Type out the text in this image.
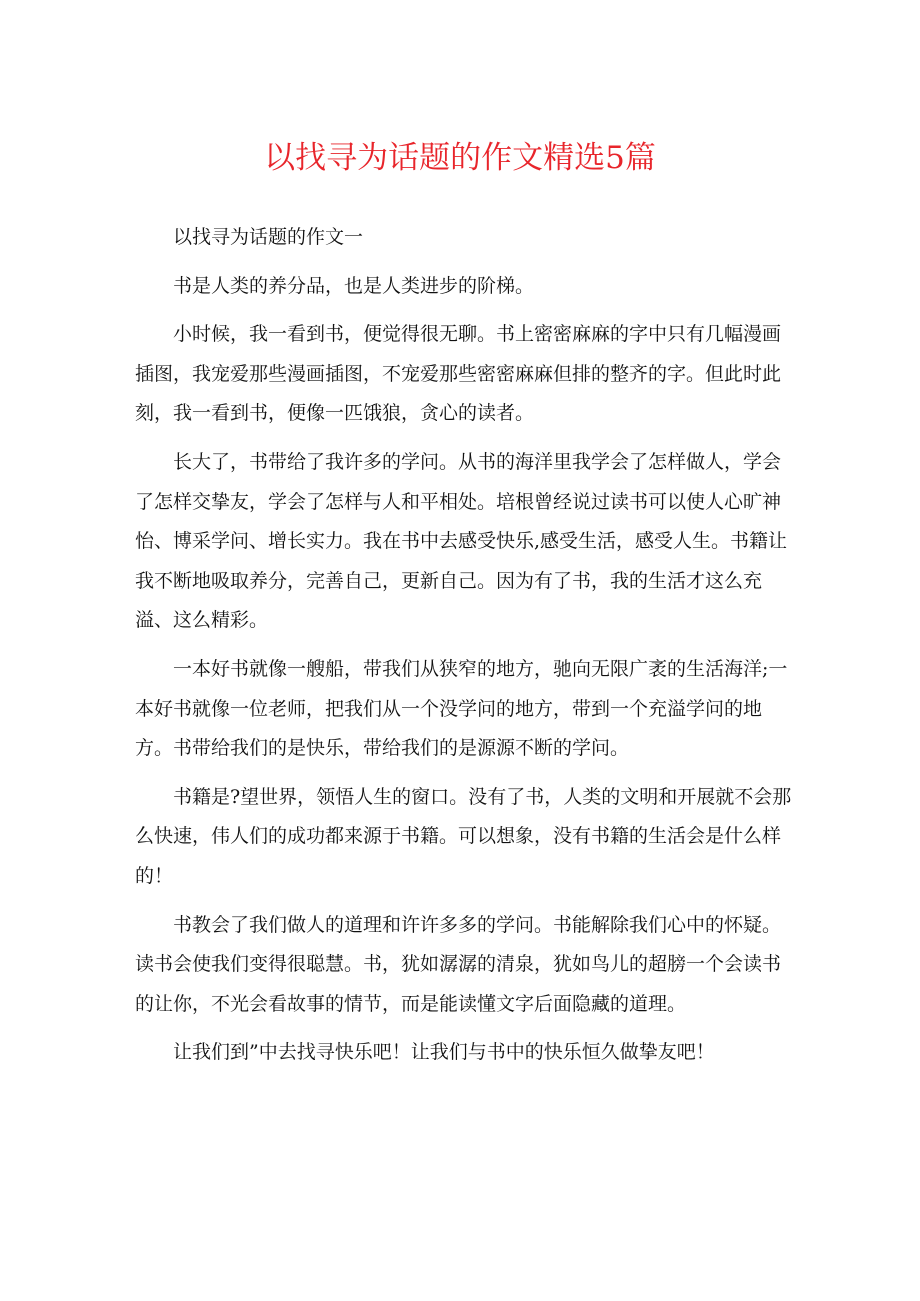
以找寻为话题的作文精选5篇

以找寻为话题的作文一

书是人类的养分品，也是人类进步的阶梯。

小时候，我一看到书，便觉得很无聊。书上密密麻麻的字中只有几幅漫画插图，我宠爱那些漫画插图，不宠爱那些密密麻麻但排的整齐的字。但此时此刻，我一看到书，便像一匹饿狼，贪心的读者。

长大了，书带给了我许多的学问。从书的海洋里我学会了怎样做人，学会了怎样交挚友，学会了怎样与人和平相处。培根曾经说过读书可以使人心旷神怡、博采学问、增长实力。我在书中去感受快乐,感受生活，感受人生。书籍让我不断地吸取养分，完善自己，更新自己。因为有了书，我的生活才这么充溢、这么精彩。

一本好书就像一艘船，带我们从狭窄的地方，驰向无限广袤的生活海洋;一本好书就像一位老师，把我们从一个没学问的地方，带到一个充溢学问的地方。书带给我们的是快乐，带给我们的是源源不断的学问。

书籍是?望世界，领悟人生的窗口。没有了书，人类的文明和开展就不会那么快速，伟人们的成功都来源于书籍。可以想象，没有书籍的生活会是什么样的！

书教会了我们做人的道理和许许多多的学问。书能解除我们心中的怀疑。读书会使我们变得很聪慧。书，犹如潺潺的清泉，犹如鸟儿的超膀一个会读书的让你，不光会看故事的情节，而是能读懂文字后面隐藏的道理。

让我们到”中去找寻快乐吧！让我们与书中的快乐恒久做挚友吧！
